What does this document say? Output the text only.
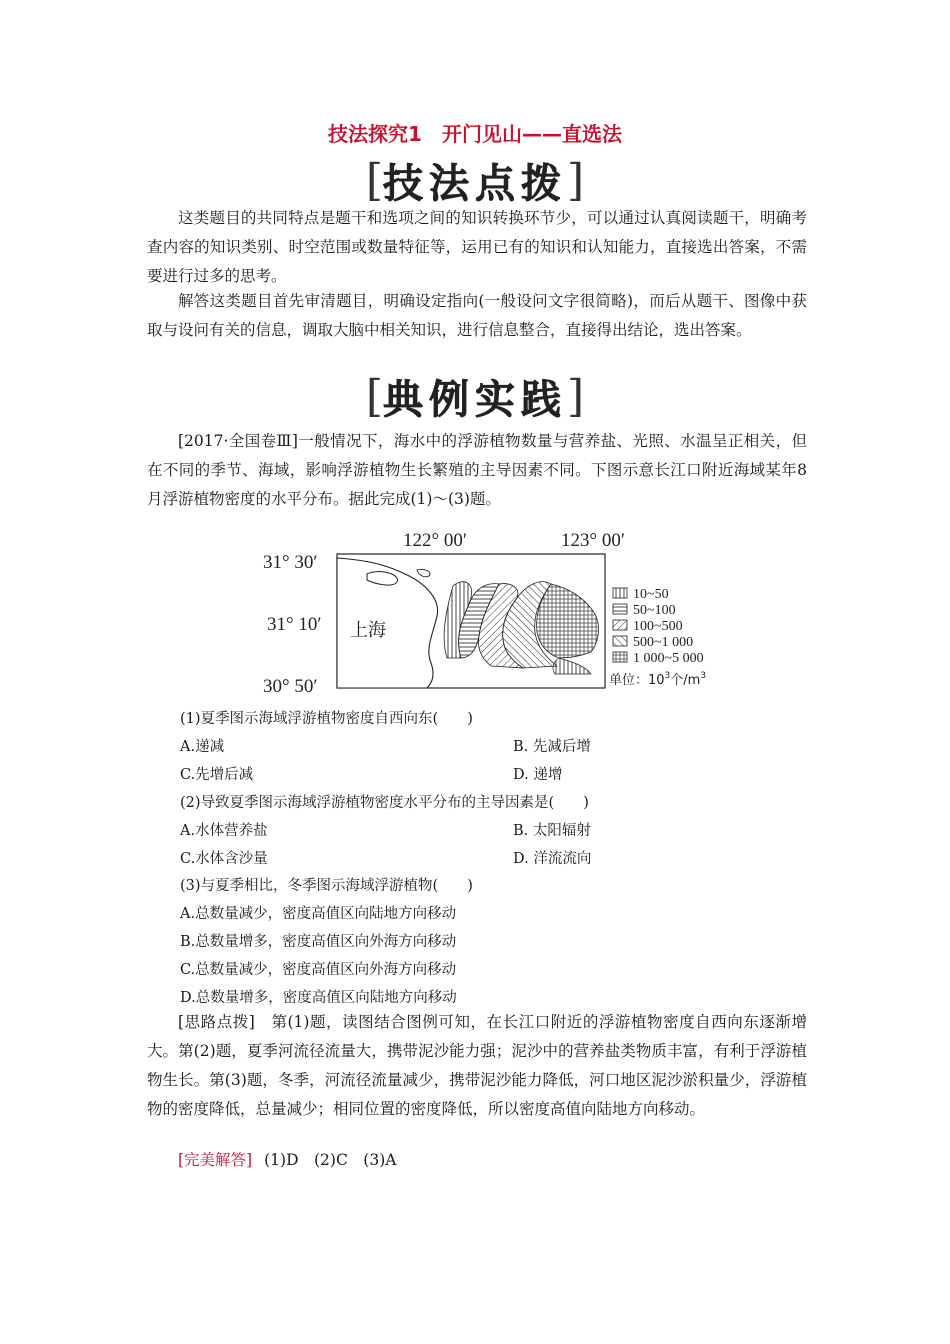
技法探究1　开门见山——直选法
[技法点拨]

这类题目的共同特点是题干和选项之间的知识转换环节少，可以通过认真阅读题干，明确考查内容的知识类别、时空范围或数量特征等，运用已有的知识和认知能力，直接选出答案，不需要进行过多的思考。

解答这类题目首先审清题目，明确设定指向(一般设问文字很简略)，而后从题干、图像中获取与设问有关的信息，调取大脑中相关知识，进行信息整合，直接得出结论，选出答案。

[典例实践]

[2017·全国卷Ⅲ]一般情况下，海水中的浮游植物数量与营养盐、光照、水温呈正相关，但在不同的季节、海域，影响浮游植物生长繁殖的主导因素不同。下图示意长江口附近海域某年8月浮游植物密度的水平分布。据此完成(1)～(3)题。

122° 00′	123° 00′
31° 30′
31° 10′
30° 50′
上海
10~50
50~100
100~500
500~1 000
1 000~5 000
单位：$10^3$个$/m^3$
(1)夏季图示海域浮游植物密度自西向东(　　)
A.递减	B. 先减后增
C.先增后减	D. 递增
(2)导致夏季图示海域浮游植物密度水平分布的主导因素是(　　)
A.水体营养盐	B. 太阳辐射
C.水体含沙量	D. 洋流流向
(3)与夏季相比，冬季图示海域浮游植物(　　)
A.总数量减少，密度高值区向陆地方向移动
B.总数量增多，密度高值区向外海方向移动
C.总数量减少，密度高值区向外海方向移动
D.总数量增多，密度高值区向陆地方向移动

[思路点拨]　第(1)题，读图结合图例可知，在长江口附近的浮游植物密度自西向东逐渐增大。第(2)题，夏季河流径流量大，携带泥沙能力强；泥沙中的营养盐类物质丰富，有利于浮游植物生长。第(3)题，冬季，河流径流量减少，携带泥沙能力降低，河口地区泥沙淤积量少，浮游植物的密度降低，总量减少；相同位置的密度降低，所以密度高值向陆地方向移动。

[完美解答] (1)D　(2)C　(3)A
